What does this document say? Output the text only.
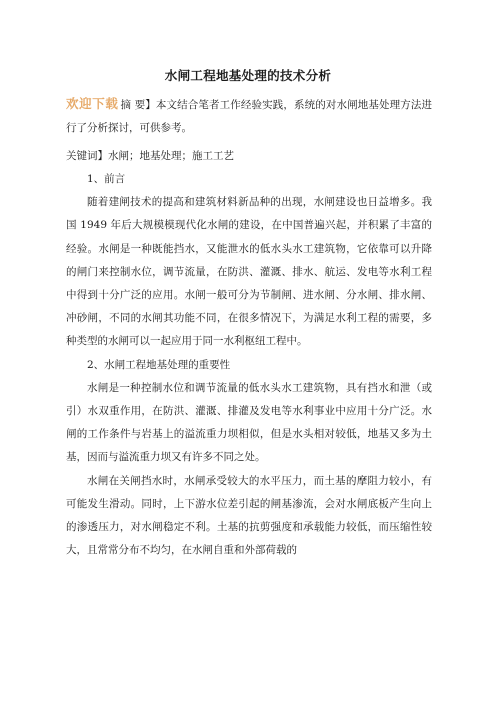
水闸工程地基处理的技术分析

欢迎下载 摘 要】本文结合笔者工作经验实践，系统的对水闸地基处理方法进行了分析探讨，可供参考。

关键词】水闸；地基处理；施工工艺

1、前言

随着建闸技术的提高和建筑材料新品种的出现，水闸建设也日益增多。我国 1949 年后大规模模现代化水闸的建设，在中国普遍兴起，并积累了丰富的经验。水闸是一种既能挡水，又能泄水的低水头水工建筑物，它依靠可以升降的闸门来控制水位，调节流量，在防洪、灌溉、排水、航运、发电等水利工程中得到十分广泛的应用。水闸一般可分为节制闸、进水闸、分水闸、排水闸、冲砂闸，不同的水闸其功能不同，在很多情况下，为满足水利工程的需要，多种类型的水闸可以一起应用于同一水利枢纽工程中。

2、水闸工程地基处理的重要性

水闸是一种控制水位和调节流量的低水头水工建筑物，具有挡水和泄（或引）水双重作用，在防洪、灌溉、排灌及发电等水利事业中应用十分广泛。水闸的工作条件与岩基上的溢流重力坝相似，但是水头相对较低，地基又多为土基，因而与溢流重力坝又有许多不同之处。

水闸在关闸挡水时，水闸承受较大的水平压力，而土基的摩阻力较小，有可能发生滑动。同时，上下游水位差引起的闸基渗流，会对水闸底板产生向上的渗透压力，对水闸稳定不利。土基的抗剪强度和承载能力较低，而压缩性较大，且常常分布不均匀，在水闸自重和外部荷载的
